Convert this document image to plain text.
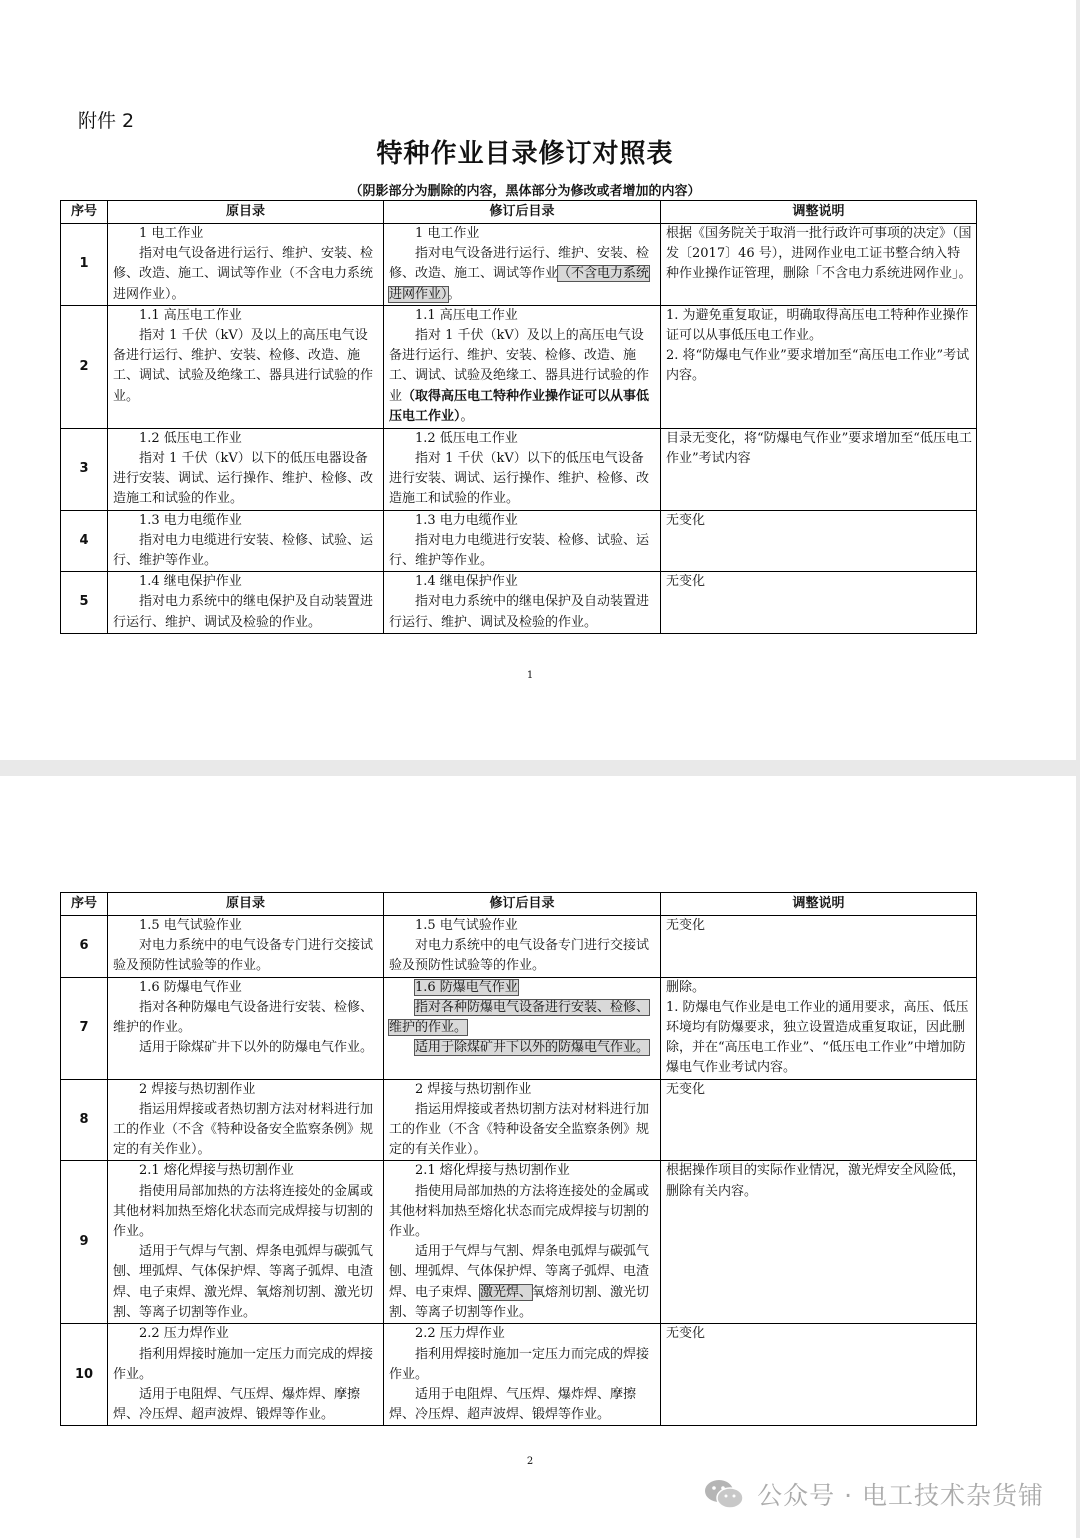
附件 2
特种作业目录修订对照表
（阴影部分为删除的内容，黑体部分为修改或者增加的内容）
序号	原目录	修订后目录	调整说明
1	1 电工作业
指对电气设备进行运行、维护、安装、检修、改造、施工、调试等作业（不含电力系统进网作业）。	1 电工作业
指对电气设备进行运行、维护、安装、检修、改造、施工、调试等作业（不含电力系统进网作业）。	根据《国务院关于取消一批行政许可事项的决定》（国发〔2017〕46 号），进网作业电工证书整合纳入特种作业操作证管理，删除「不含电力系统进网作业」。

2	1.1 高压电工作业
指对 1 千伏（kV）及以上的高压电气设备进行运行、维护、安装、检修、改造、施工、调试、试验及绝缘工、器具进行试验的作业。	1.1 高压电工作业
指对 1 千伏（kV）及以上的高压电气设备进行运行、维护、安装、检修、改造、施工、调试、试验及绝缘工、器具进行试验的作业（取得高压电工特种作业操作证可以从事低压电工作业）。	1. 为避免重复取证，明确取得高压电工特种作业操作证可以从事低压电工作业。
2. 将“防爆电气作业”要求增加至“高压电工作业”考试内容。

3	1.2 低压电工作业
指对 1 千伏（kV）以下的低压电器设备进行安装、调试、运行操作、维护、检修、改造施工和试验的作业。	1.2 低压电工作业
指对 1 千伏（kV）以下的低压电气设备进行安装、调试、运行操作、维护、检修、改造施工和试验的作业。	目录无变化，将“防爆电气作业”要求增加至“低压电工作业”考试内容

4	1.3 电力电缆作业
指对电力电缆进行安装、检修、试验、运行、维护等作业。	1.3 电力电缆作业
指对电力电缆进行安装、检修、试验、运行、维护等作业。	无变化

5	1.4 继电保护作业
指对电力系统中的继电保护及自动装置进行运行、维护、调试及检验的作业。	1.4 继电保护作业
指对电力系统中的继电保护及自动装置进行运行、维护、调试及检验的作业。	无变化
1
序号	原目录	修订后目录	调整说明
6	1.5 电气试验作业
对电力系统中的电气设备专门进行交接试验及预防性试验等的作业。	1.5 电气试验作业
对电力系统中的电气设备专门进行交接试验及预防性试验等的作业。	无变化

7	1.6 防爆电气作业
指对各种防爆电气设备进行安装、检修、维护的作业。
适用于除煤矿井下以外的防爆电气作业。	1.6 防爆电气作业
指对各种防爆电气设备进行安装、检修、维护的作业。
适用于除煤矿井下以外的防爆电气作业。	删除。
1. 防爆电气作业是电工作业的通用要求，高压、低压环境均有防爆要求，独立设置造成重复取证，因此删除，并在“高压电工作业”、“低压电工作业”中增加防爆电气作业考试内容。

8	2 焊接与热切割作业
指运用焊接或者热切割方法对材料进行加工的作业（不含《特种设备安全监察条例》规定的有关作业）。	2 焊接与热切割作业
指运用焊接或者热切割方法对材料进行加工的作业（不含《特种设备安全监察条例》规定的有关作业）。	无变化

9	2.1 熔化焊接与热切割作业
指使用局部加热的方法将连接处的金属或其他材料加热至熔化状态而完成焊接与切割的作业。
适用于气焊与气割、焊条电弧焊与碳弧气刨、埋弧焊、气体保护焊、等离子弧焊、电渣焊、电子束焊、激光焊、氧熔剂切割、激光切割、等离子切割等作业。	2.1 熔化焊接与热切割作业
指使用局部加热的方法将连接处的金属或其他材料加热至熔化状态而完成焊接与切割的作业。
适用于气焊与气割、焊条电弧焊与碳弧气刨、埋弧焊、气体保护焊、等离子弧焊、电渣焊、电子束焊、激光焊、氧熔剂切割、激光切割、等离子切割等作业。	根据操作项目的实际作业情况，激光焊安全风险低，删除有关内容。

10	2.2 压力焊作业
指利用焊接时施加一定压力而完成的焊接作业。
适用于电阻焊、气压焊、爆炸焊、摩擦焊、冷压焊、超声波焊、锻焊等作业。	2.2 压力焊作业
指利用焊接时施加一定压力而完成的焊接作业。
适用于电阻焊、气压焊、爆炸焊、摩擦焊、冷压焊、超声波焊、锻焊等作业。	无变化
2
公众号 · 电工技术杂货铺
